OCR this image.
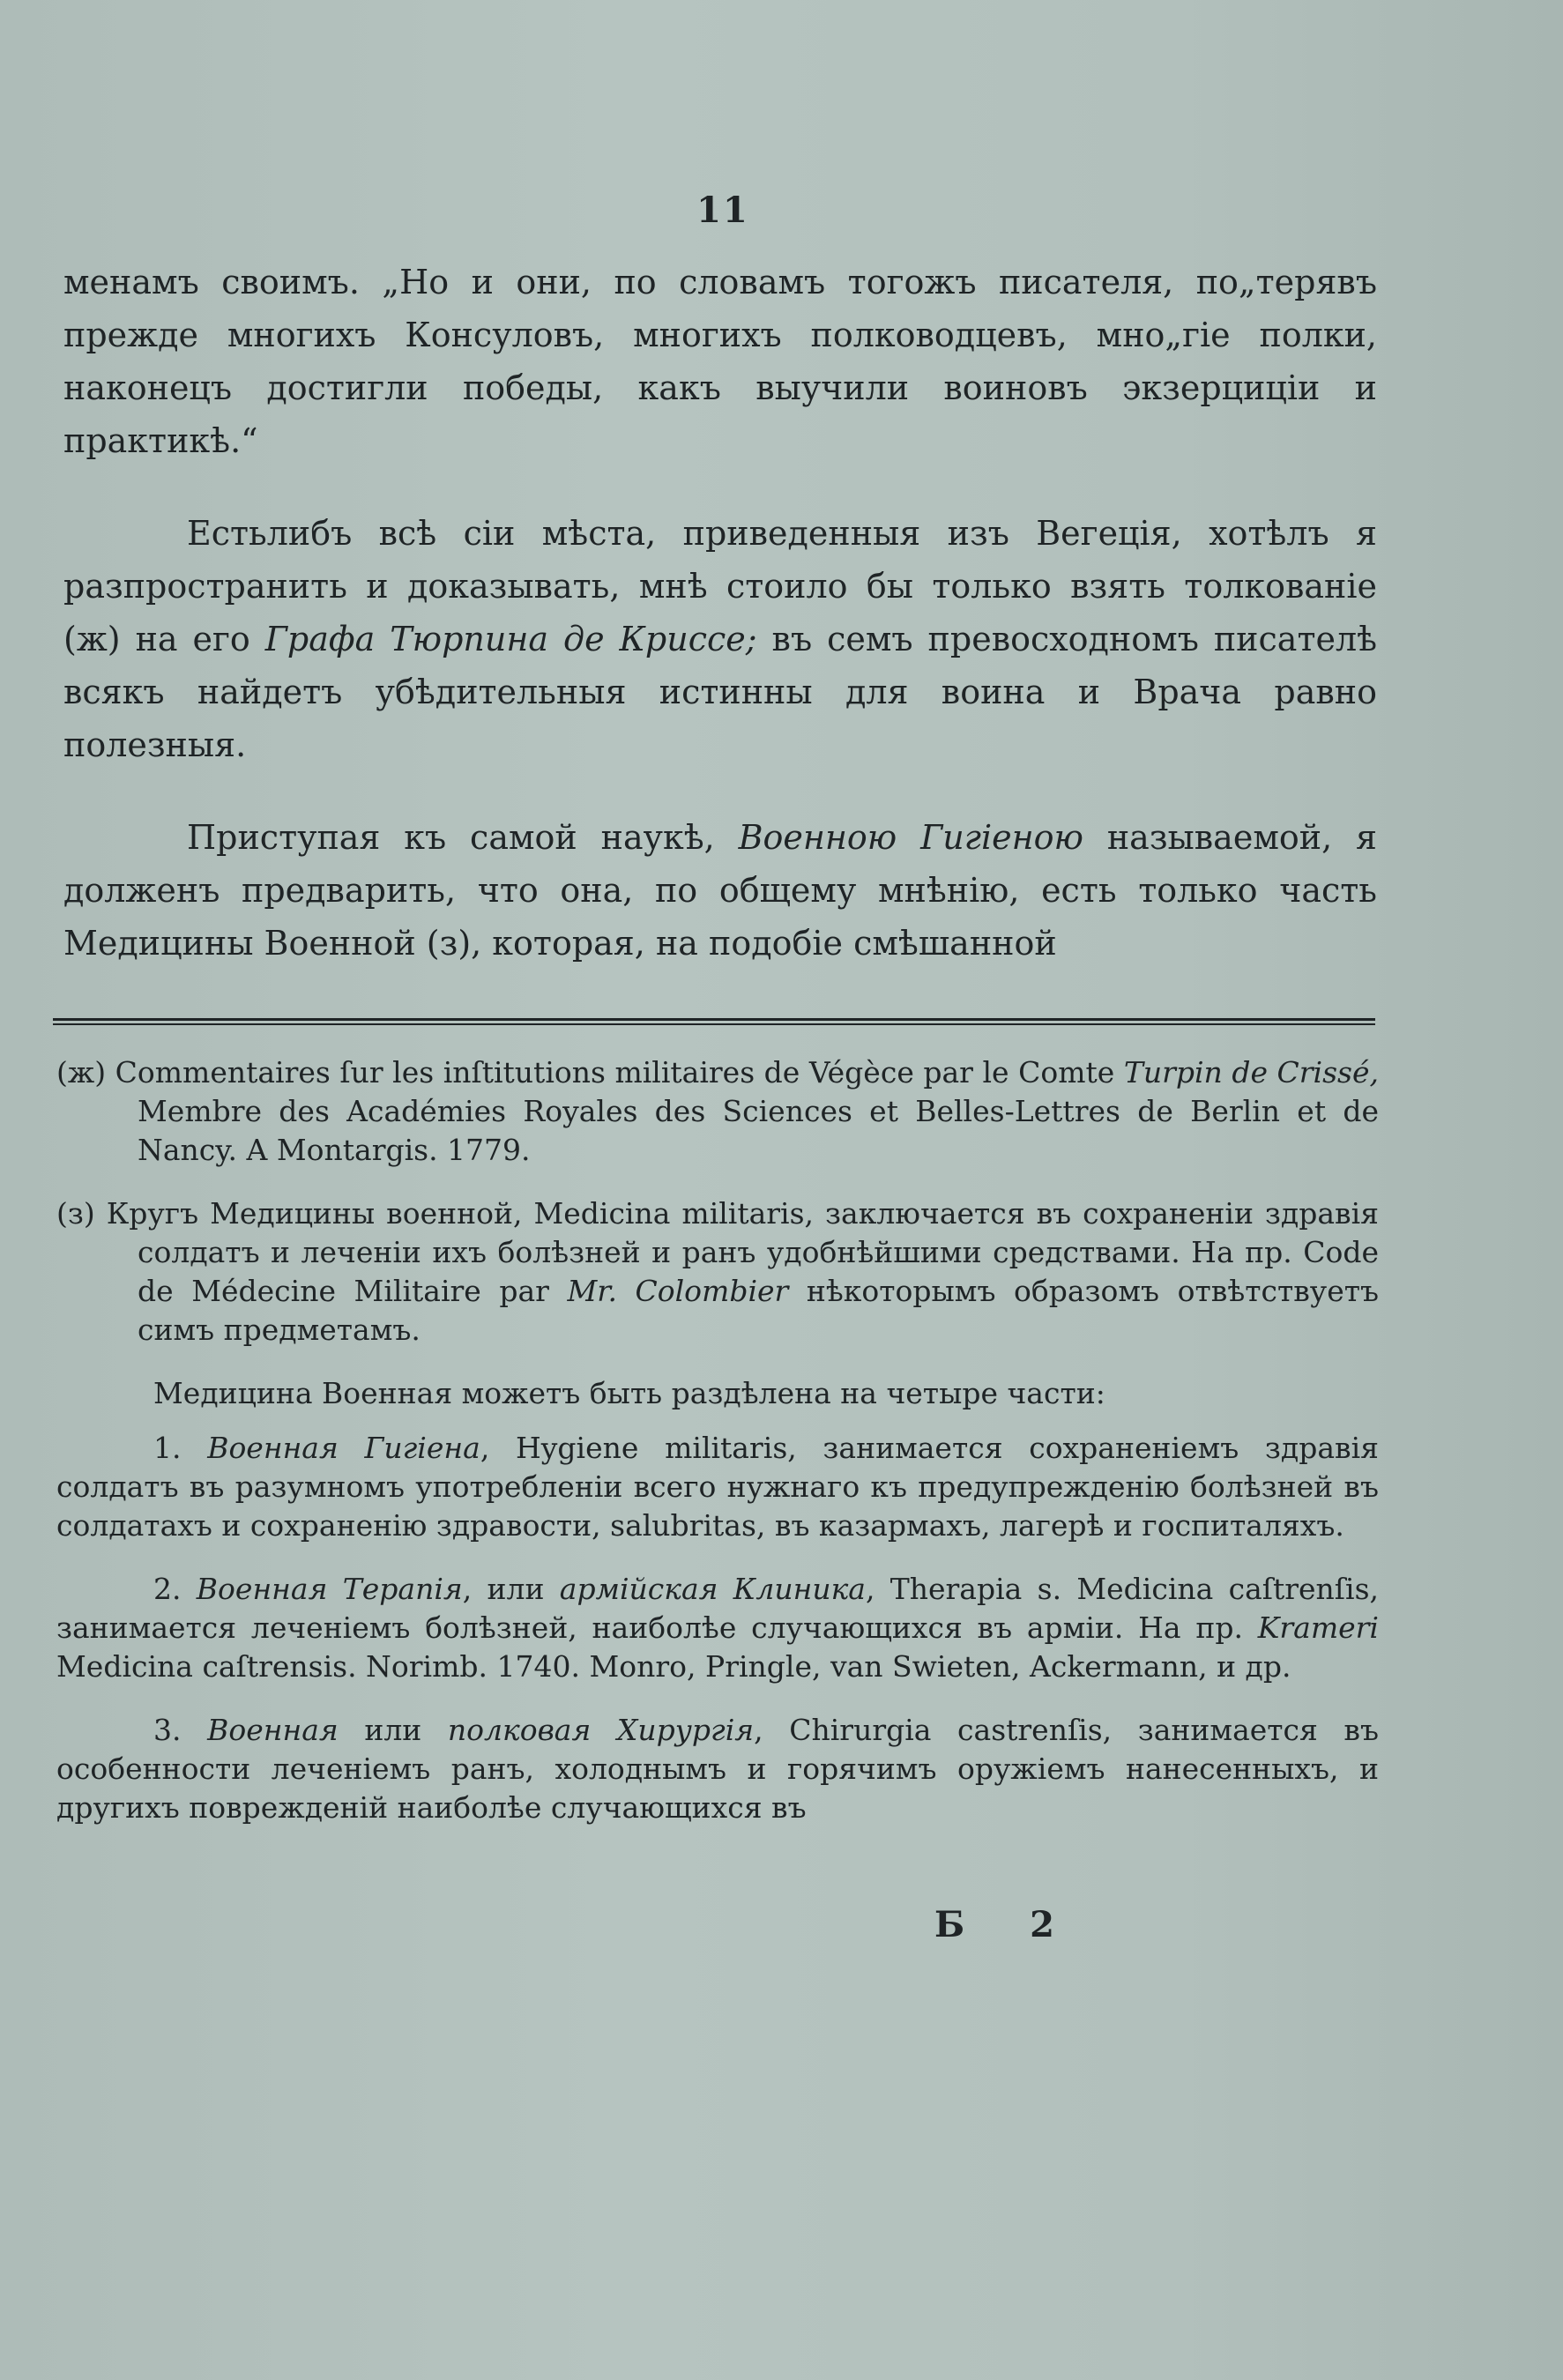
11

менамъ своимъ. „Но и они, по словамъ тогожъ писателя, по„терявъ прежде многихъ Консуловъ, многихъ полководцевъ, мно„гіе полки, наконецъ достигли победы, какъ выучили воиновъ экзерциціи и практикѣ.“

Естьлибъ всѣ сіи мѣста, приведенныя изъ Вегеція, хотѣлъ я разпространить и доказывать, мнѣ стоило бы только взять толкованіе (ж) на его Графа Тюрпина де Криссе; въ семъ превосходномъ писателѣ всякъ найдетъ убѣдительныя истинны для воина и Врача равно полезныя.

Приступая къ самой наукѣ, Военною Гигіеною называемой, я долженъ предварить, что она, по общему мнѣнію, есть только часть Медицины Военной (з), которая, на подобіе смѣшанной

(ж) Commentaires ſur les inſtitutions militaires de Végèce par le Comte Turpin de Crissé, Membre des Académies Royales des Sciences et Belles-Lettres de Berlin et de Nancy. A Montargis. 1779.

(з) Кругъ Медицины военной, Medicina militaris, заключается въ сохраненіи здравія солдатъ и леченіи ихъ болѣзней и ранъ удобнѣйшими средствами. На пр. Code de Médecine Militaire par Mr. Colombier нѣкоторымъ образомъ отвѣтствуетъ симъ предметамъ.

Медицина Военная можетъ быть раздѣлена на четыре части:

1. Военная Гигіена, Hygiene militaris, занимается сохраненіемъ здравія солдатъ въ разумномъ употребленіи всего нужнаго къ предупрежденію болѣзней въ солдатахъ и сохраненію здравости, salubritas, въ казармахъ, лагерѣ и госпиталяхъ.

2. Военная Терапія, или армійская Клиника, Therapia s. Medicina caſtrenſis, занимается леченіемъ болѣзней, наиболѣе случающихся въ арміи. На пр. Krameri Medicina caſtrensis. Norimb. 1740. Monro, Pringle, van Swieten, Ackermann, и др.

3. Военная или полковая Хирургія, Chirurgia castrenſis, занимается въ особенности леченіемъ ранъ, холоднымъ и горячимъ оружіемъ нанесенныхъ, и другихъ поврежденій наиболѣе случающихся въ

Б 2
